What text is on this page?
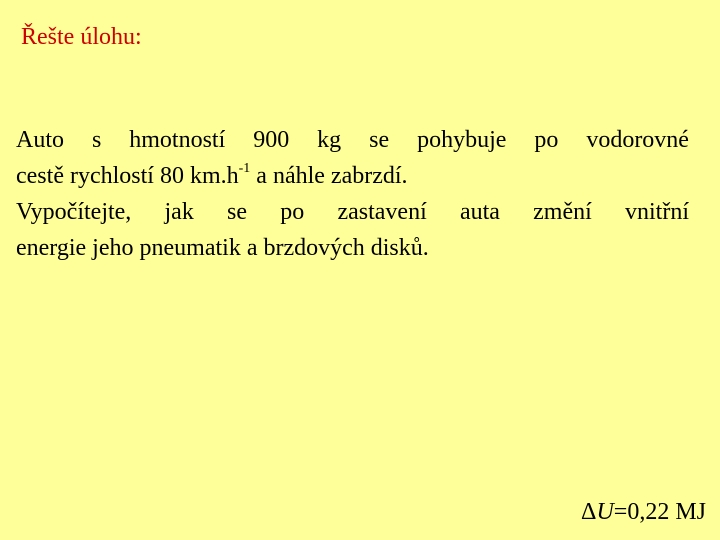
Řešte úlohu:
Auto s hmotností 900 kg se pohybuje po vodorovné
cestě rychlostí 80 $km.h^{-1}$ a náhle zabrzdí.
Vypočítejte, jak se po zastavení auta změní vnitřní
energie jeho pneumatik a brzdových disků.
ΔU=0,22 MJ
